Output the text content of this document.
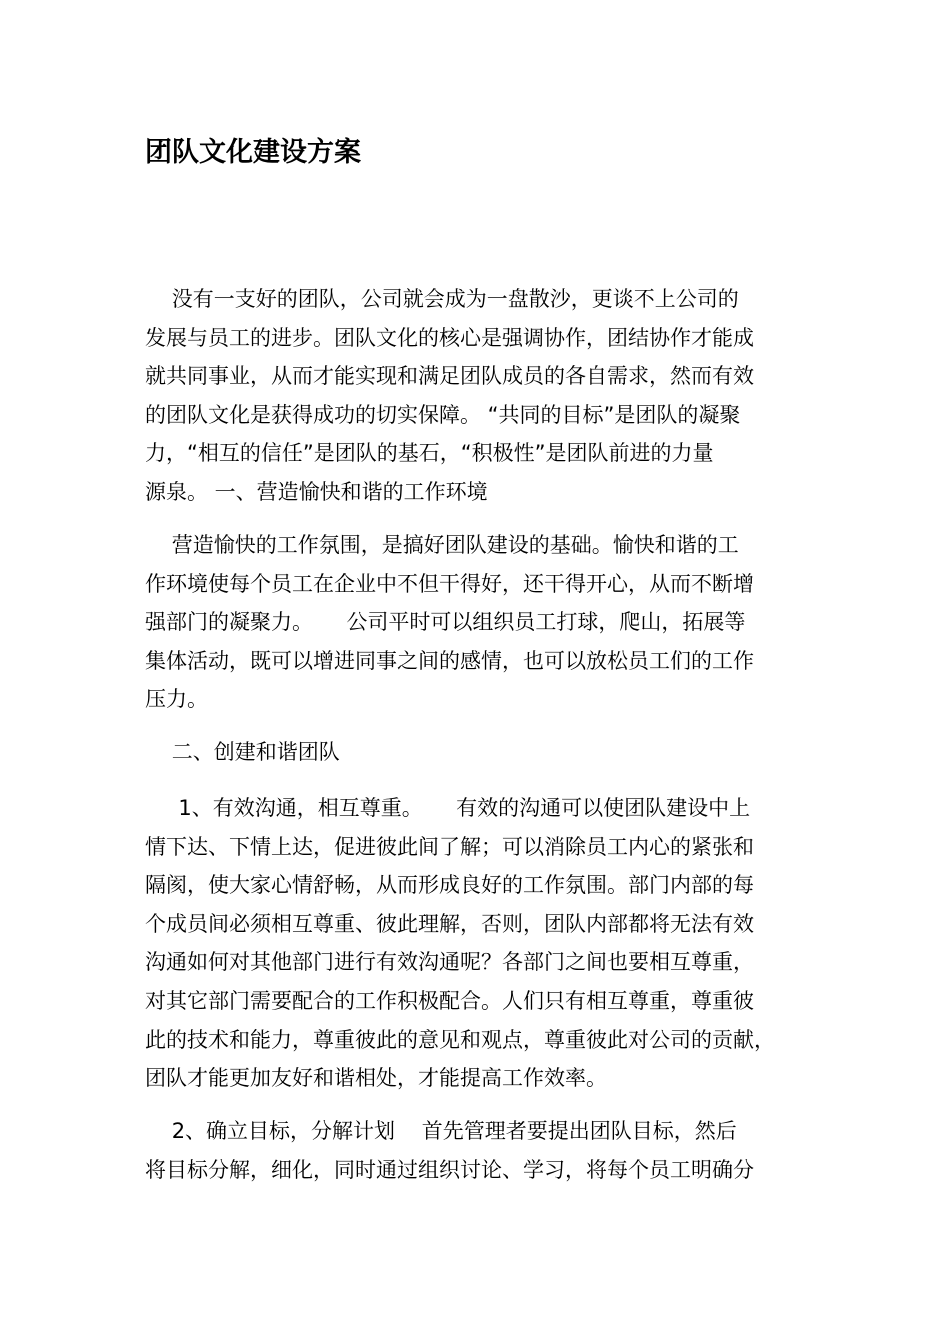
团队文化建设方案
没有一支好的团队，公司就会成为一盘散沙，更谈不上公司的
发展与员工的进步。团队文化的核心是强调协作，团结协作才能成
就共同事业，从而才能实现和满足团队成员的各自需求，然而有效
的团队文化是获得成功的切实保障。 “共同的目标”是团队的凝聚
力，“相互的信任”是团队的基石，“积极性”是团队前进的力量
源泉。 一、营造愉快和谐的工作环境
营造愉快的工作氛围，是搞好团队建设的基础。愉快和谐的工
作环境使每个员工在企业中不但干得好，还干得开心，从而不断增
强部门的凝聚力。     公司平时可以组织员工打球，爬山，拓展等
集体活动，既可以增进同事之间的感情，也可以放松员工们的工作
压力。
二、创建和谐团队
1、有效沟通，相互尊重。     有效的沟通可以使团队建设中上
情下达、下情上达，促进彼此间了解；可以消除员工内心的紧张和
隔阂，使大家心情舒畅，从而形成良好的工作氛围。部门内部的每
个成员间必须相互尊重、彼此理解，否则，团队内部都将无法有效
沟通如何对其他部门进行有效沟通呢？各部门之间也要相互尊重，
对其它部门需要配合的工作积极配合。人们只有相互尊重，尊重彼
此的技术和能力，尊重彼此的意见和观点，尊重彼此对公司的贡献，
团队才能更加友好和谐相处，才能提高工作效率。
2、确立目标，分解计划    首先管理者要提出团队目标，然后
将目标分解，细化，同时通过组织讨论、学习，将每个员工明确分
